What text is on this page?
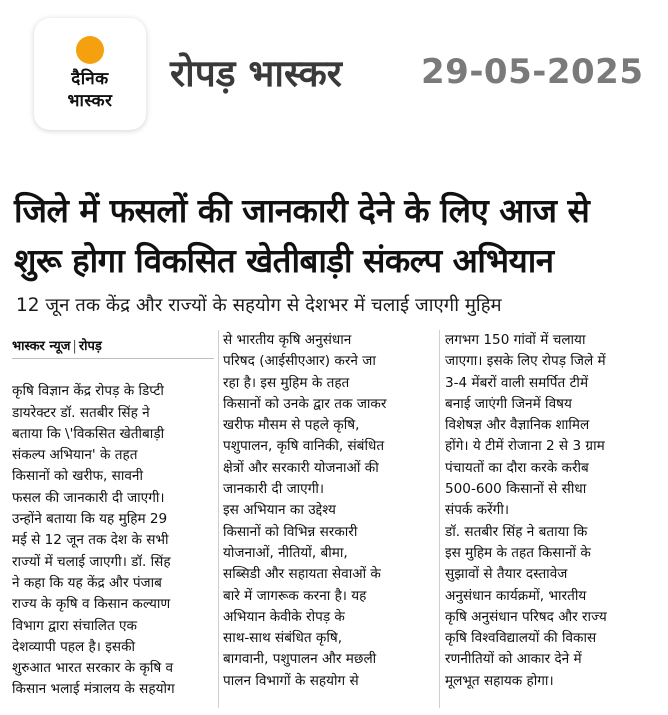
दैनिक
भास्कर
रोपड़ भास्कर 29-05-2025
जिले में फसलों की जानकारी देने के लिए आज से
शुरू होगा विकसित खेतीबाड़ी संकल्प अभियान
12 जून तक केंद्र और राज्यों के सहयोग से देशभर में चलाई जाएगी मुहिम
भास्कर न्यूज | रोपड़
कृषि विज्ञान केंद्र रोपड़ के डिप्टी
डायरेक्टर डॉ. सतबीर सिंह ने
बताया कि \'विकसित खेतीबाड़ी
संकल्प अभियान' के तहत
किसानों को खरीफ, सावनी
फसल की जानकारी दी जाएगी।
उन्होंने बताया कि यह मुहिम 29
मई से 12 जून तक देश के सभी
राज्यों में चलाई जाएगी। डॉ. सिंह
ने कहा कि यह केंद्र और पंजाब
राज्य के कृषि व किसान कल्याण
विभाग द्वारा संचालित एक
देशव्यापी पहल है। इसकी
शुरुआत भारत सरकार के कृषि व
किसान भलाई मंत्रालय के सहयोग
से भारतीय कृषि अनुसंधान
परिषद (आईसीएआर) करने जा
रहा है। इस मुहिम के तहत
किसानों को उनके द्वार तक जाकर
खरीफ मौसम से पहले कृषि,
पशुपालन, कृषि वानिकी, संबंधित
क्षेत्रों और सरकारी योजनाओं की
जानकारी दी जाएगी।
इस अभियान का उद्देश्य
किसानों को विभिन्न सरकारी
योजनाओं, नीतियों, बीमा,
सब्सिडी और सहायता सेवाओं के
बारे में जागरूक करना है। यह
अभियान केवीके रोपड़ के
साथ-साथ संबंधित कृषि,
बागवानी, पशुपालन और मछली
पालन विभागों के सहयोग से
लगभग 150 गांवों में चलाया
जाएगा। इसके लिए रोपड़ जिले में
3-4 मेंबरों वाली समर्पित टीमें
बनाई जाएंगी जिनमें विषय
विशेषज्ञ और वैज्ञानिक शामिल
होंगे। ये टीमें रोजाना 2 से 3 ग्राम
पंचायतों का दौरा करके करीब
500-600 किसानों से सीधा
संपर्क करेंगी।
डॉ. सतबीर सिंह ने बताया कि
इस मुहिम के तहत किसानों के
सुझावों से तैयार दस्तावेज
अनुसंधान कार्यक्रमों, भारतीय
कृषि अनुसंधान परिषद और राज्य
कृषि विश्वविद्यालयों की विकास
रणनीतियों को आकार देने में
मूलभूत सहायक होगा।
